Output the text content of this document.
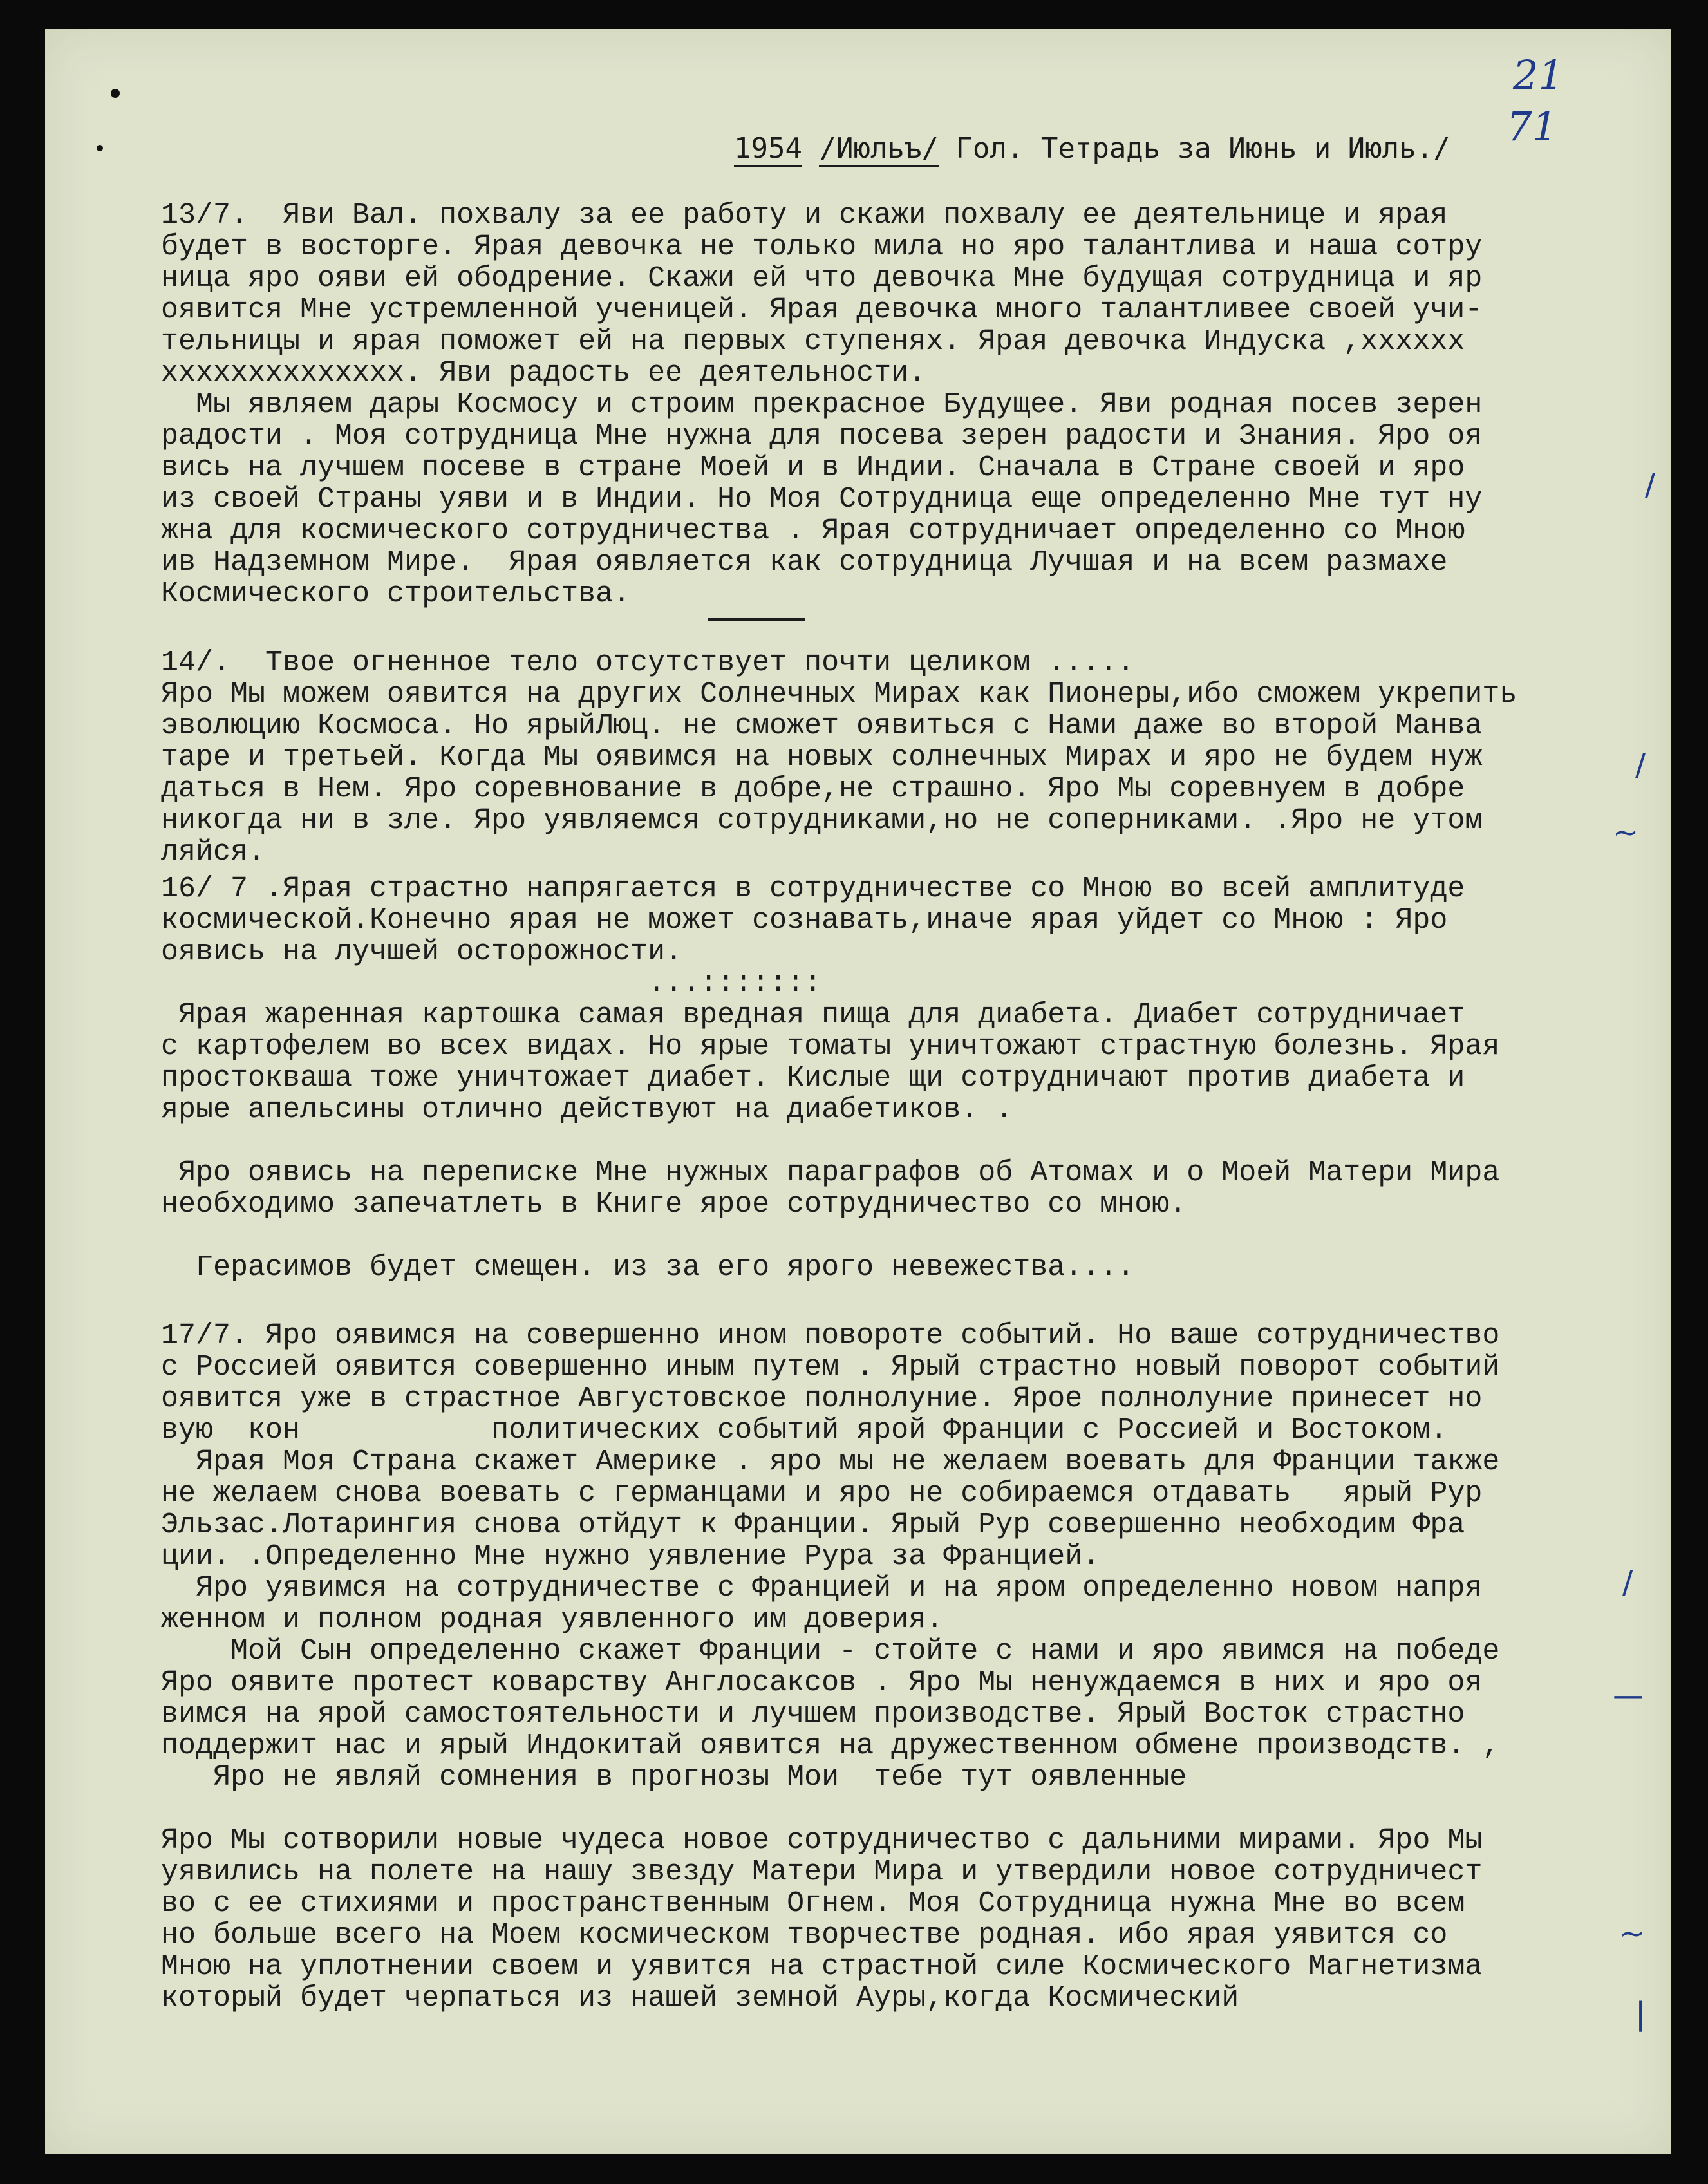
21
71
1954 /Июльъ/ Гол. Тетрадь за Июнь и Июль./
13/7.  Яви Вал. похвалу за ее работу и скажи похвалу ее деятельнице и ярая
будет в восторге. Ярая девочка не только мила но яро талантлива и наша сотру
ница яро ояви ей ободрение. Скажи ей что девочка Мне будущая сотрудница и яр
оявится Мне устремленной ученицей. Ярая девочка много талантливее своей учи-
тельницы и ярая поможет ей на первых ступенях. Ярая девочка Индуска ,хххххх
хххххххххххххх. Яви радость ее деятельности.
Мы являем дары Космосу и строим прекрасное Будущее. Яви родная посев зерен
радости . Моя сотрудница Мне нужна для посева зерен радости и Знания. Яро оя
вись на лучшем посеве в стране Моей и в Индии. Сначала в Стране своей и яро
из своей Страны уяви и в Индии. Но Моя Сотрудница еще определенно Мне тут ну
жна для космического сотрудничества . Ярая сотрудничает определенно со Мною
ив Надземном Мире.  Ярая оявляется как сотрудница Лучшая и на всем размахе
Космического строительства.
14/.  Твое огненное тело отсутствует почти целиком .....
Яро Мы можем оявится на других Солнечных Мирах как Пионеры,ибо сможем укрепить
эволюцию Космоса. Но ярыйЛюц. не сможет оявиться с Нами даже во второй Манва
таре и третьей. Когда Мы оявимся на новых солнечных Мирах и яро не будем нуж
даться в Нем. Яро соревнование в добре,не страшно. Яро Мы соревнуем в добре
никогда ни в зле. Яро уявляемся сотрудниками,но не соперниками. .Яро не утом
ляйся.
16/ 7 .Ярая страстно напрягается в сотрудничестве со Мною во всей амплитуде
космической.Конечно ярая не может сознавать,иначе ярая уйдет со Мною : Яро
оявись на лучшей осторожности.
...:::::::
Ярая жаренная картошка самая вредная пища для диабета. Диабет сотрудничает
с картофелем во всех видах. Но ярые томаты уничтожают страстную болезнь. Ярая
простокваша тоже уничтожает диабет. Кислые щи сотрудничают против диабета и
ярые апельсины отлично действуют на диабетиков. .

Яро оявись на переписке Мне нужных параграфов об Атомах и о Моей Матери Мира
необходимо запечатлеть в Книге ярое сотрудничество со мною.

Герасимов будет смещен. из за его ярого невежества....
17/7. Яро оявимся на совершенно ином повороте событий. Но ваше сотрудничество
с Россией оявится совершенно иным путем . Ярый страстно новый поворот событий
оявится уже в страстное Августовское полнолуние. Ярое полнолуние принесет но
вую  кон           политических событий ярой Франции с Россией и Востоком.
Ярая Моя Страна скажет Америке . яро мы не желаем воевать для Франции также
не желаем снова воевать с германцами и яро не собираемся отдавать   ярый Рур
Эльзас.Лотарингия снова отйдут к Франции. Ярый Рур совершенно необходим Фра
ции. .Определенно Мне нужно уявление Рура за Францией.
Яро уявимся на сотрудничестве с Францией и на яром определенно новом напря
женном и полном родная уявленного им доверия.
Мой Сын определенно скажет Франции - стойте с нами и яро явимся на победе
Яро оявите протест коварству Англосаксов . Яро Мы ненуждаемся в них и яро оя
вимся на ярой самостоятельности и лучшем производстве. Ярый Восток страстно
поддержит нас и ярый Индокитай оявится на дружественном обмене производств. ,
Яро не являй сомнения в прогнозы Мои  тебе тут оявленные

Яро Мы сотворили новые чудеса новое сотрудничество с дальними мирами. Яро Мы
уявились на полете на нашу звезду Матери Мира и утвердили новое сотрудничест
во с ее стихиями и пространственным Огнем. Моя Сотрудница нужна Мне во всем
но больше всего на Моем космическом творчестве родная. ибо ярая уявится со
Мною на уплотнении своем и уявится на страстной силе Космического Магнетизма
который будет черпаться из нашей земной Ауры,когда Космический
/
/
~
/
—
~
|
